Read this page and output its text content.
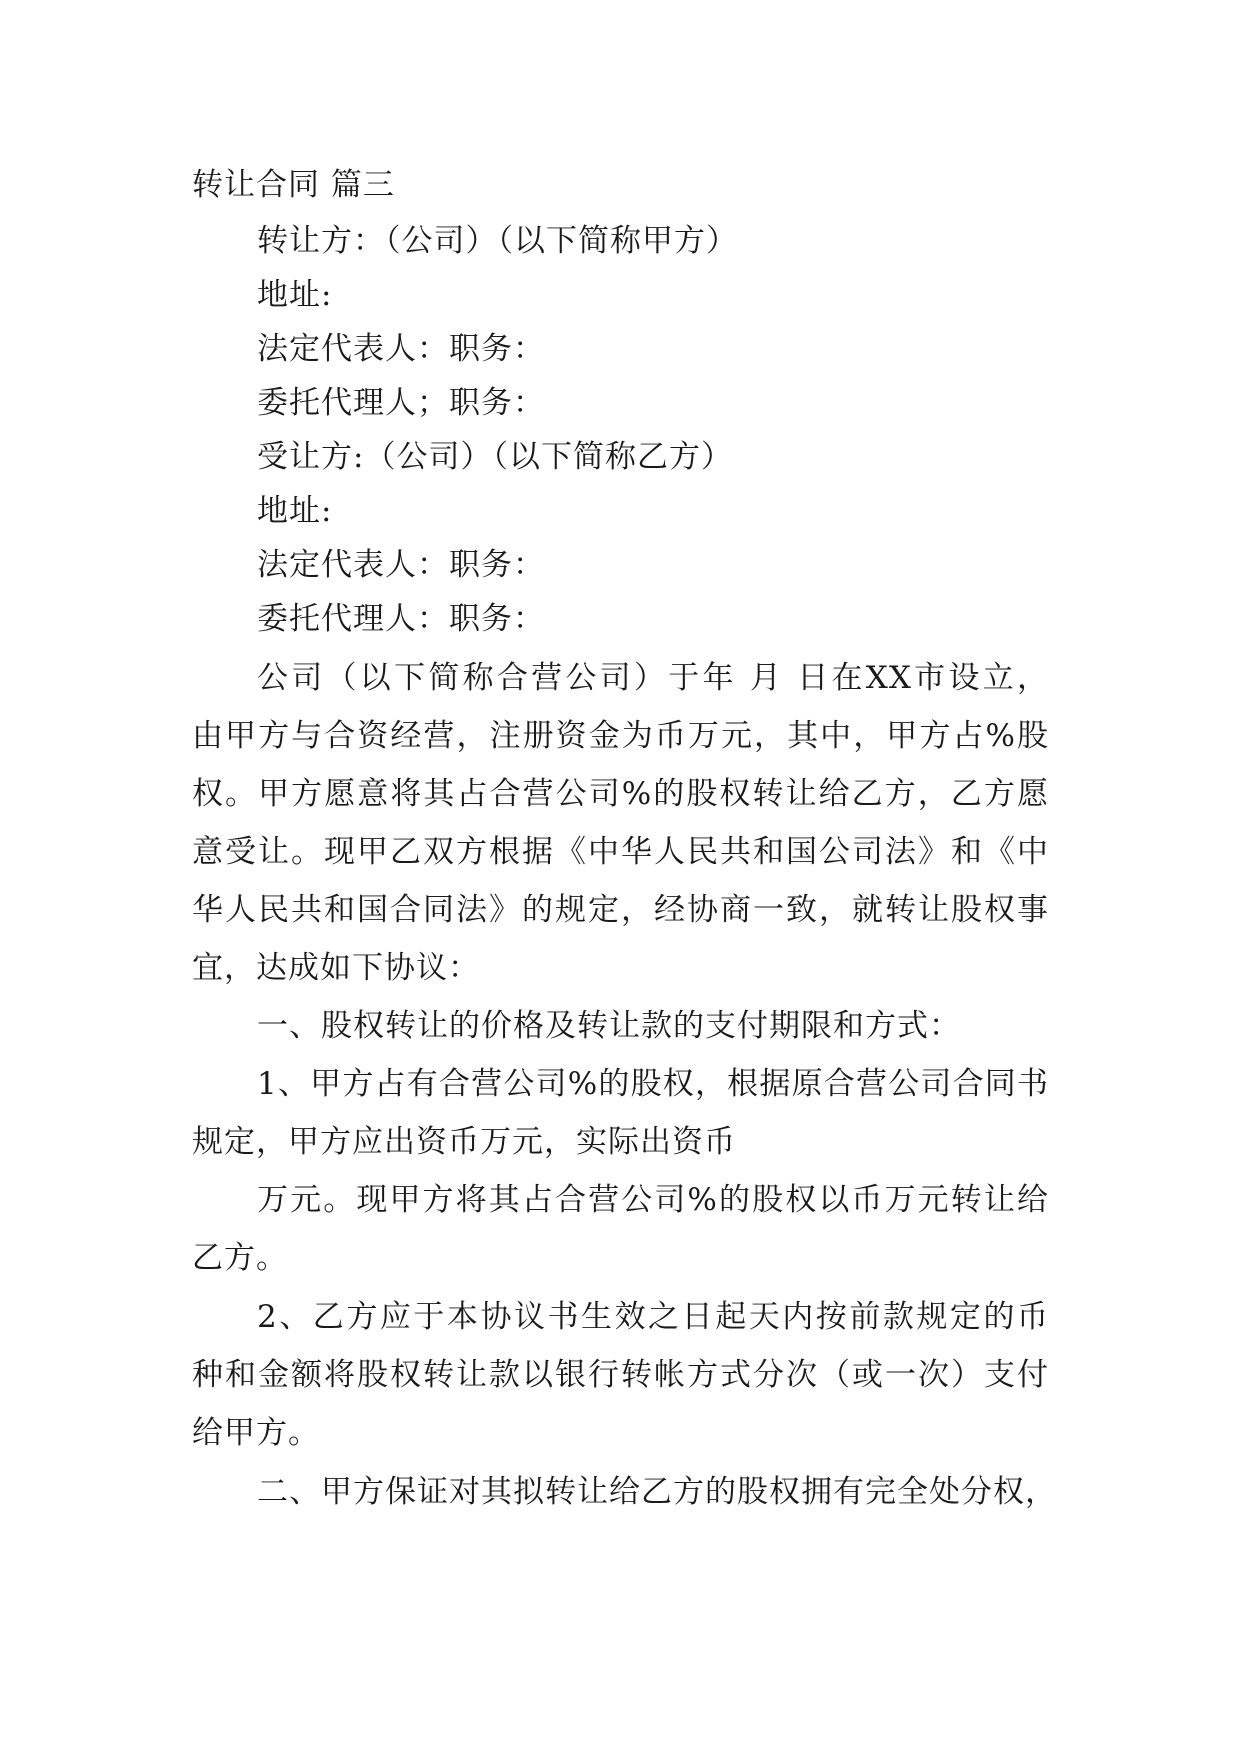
转让合同 篇三
转让方：（公司）（以下简称甲方）
地址:
法定代表人：职务：
委托代理人；职务：
受让方:（公司）（以下简称乙方）
地址:
法定代表人：职务：
委托代理人：职务：
公司（以下简称合营公司）于年 月 日在XX市设立，
由甲方与合资经营，注册资金为币万元，其中，甲方占%股
权。甲方愿意将其占合营公司%的股权转让给乙方，乙方愿
意受让。现甲乙双方根据《中华人民共和国公司法》和《中
华人民共和国合同法》的规定，经协商一致，就转让股权事
宜，达成如下协议：
一、股权转让的价格及转让款的支付期限和方式：
1、甲方占有合营公司%的股权，根据原合营公司合同书
规定，甲方应出资币万元，实际出资币
万元。现甲方将其占合营公司%的股权以币万元转让给
乙方。
2、乙方应于本协议书生效之日起天内按前款规定的币
种和金额将股权转让款以银行转帐方式分次（或一次）支付
给甲方。
二、甲方保证对其拟转让给乙方的股权拥有完全处分权，
